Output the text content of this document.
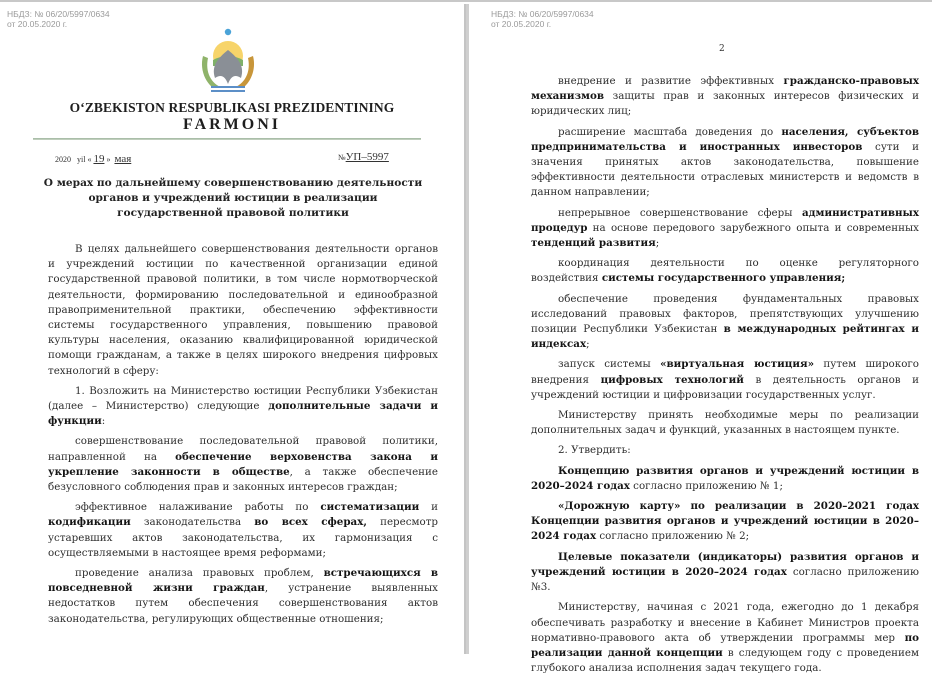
НБДЗ: № 06/20/5997/0634
от 20.05.2020 г.
O‘ZBEKISTON RESPUBLIKASI PREZIDENTINING
FARMONI
2020 yil « 19 » мая	№УП–5997
О мерах по дальнейшему совершенствованию деятельности органов и учреждений юстиции в реализации государственной правовой политики

В целях дальнейшего совершенствования деятельности органов и учреждений юстиции по качественной организации единой государственной правовой политики, в том числе нормотворческой деятельности, формированию последовательной и единообразной правоприменительной практики, обеспечению эффективности системы государственного управления, повышению правовой культуры населения, оказанию квалифицированной юридической помощи гражданам, а также в целях широкого внедрения цифровых технологий в сферу:

1. Возложить на Министерство юстиции Республики Узбекистан (далее – Министерство) следующие дополнительные задачи и функции:

совершенствование последовательной правовой политики, направленной на обеспечение верховенства закона и укрепление законности в обществе, а также обеспечение безусловного соблюдения прав и законных интересов граждан;

эффективное налаживание работы по систематизации и кодификации законодательства во всех сферах, пересмотр устаревших актов законодательства, их гармонизация с осуществляемыми в настоящее время реформами;

проведение анализа правовых проблем, встречающихся в повседневной жизни граждан, устранение выявленных недостатков путем обеспечения совершенствования актов законодательства, регулирующих общественные отношения;

НБДЗ: № 06/20/5997/0634
от 20.05.2020 г.
2

внедрение и развитие эффективных гражданско-правовых механизмов защиты прав и законных интересов физических и юридических лиц;

расширение масштаба доведения до населения, субъектов предпринимательства и иностранных инвесторов сути и значения принятых актов законодательства, повышение эффективности деятельности отраслевых министерств и ведомств в данном направлении;

непрерывное совершенствование сферы административных процедур на основе передового зарубежного опыта и современных тенденций развития;

координация деятельности по оценке регуляторного воздействия системы государственного управления;

обеспечение проведения фундаментальных правовых исследований правовых факторов, препятствующих улучшению позиции Республики Узбекистан в международных рейтингах и индексах;

запуск системы «виртуальная юстиция» путем широкого внедрения цифровых технологий в деятельность органов и учреждений юстиции и цифровизации государственных услуг.

Министерству принять необходимые меры по реализации дополнительных задач и функций, указанных в настоящем пункте.

2. Утвердить:

Концепцию развития органов и учреждений юстиции в 2020–2024 годах согласно приложению № 1;

«Дорожную карту» по реализации в 2020–2021 годах Концепции развития органов и учреждений юстиции в 2020–2024 годах согласно приложению № 2;

Целевые показатели (индикаторы) развития органов и учреждений юстиции в 2020–2024 годах согласно приложению №3.

Министерству, начиная с 2021 года, ежегодно до 1 декабря обеспечивать разработку и внесение в Кабинет Министров проекта нормативно-правового акта об утверждении программы мер по реализации данной концепции в следующем году с проведением глубокого анализа исполнения задач текущего года.
